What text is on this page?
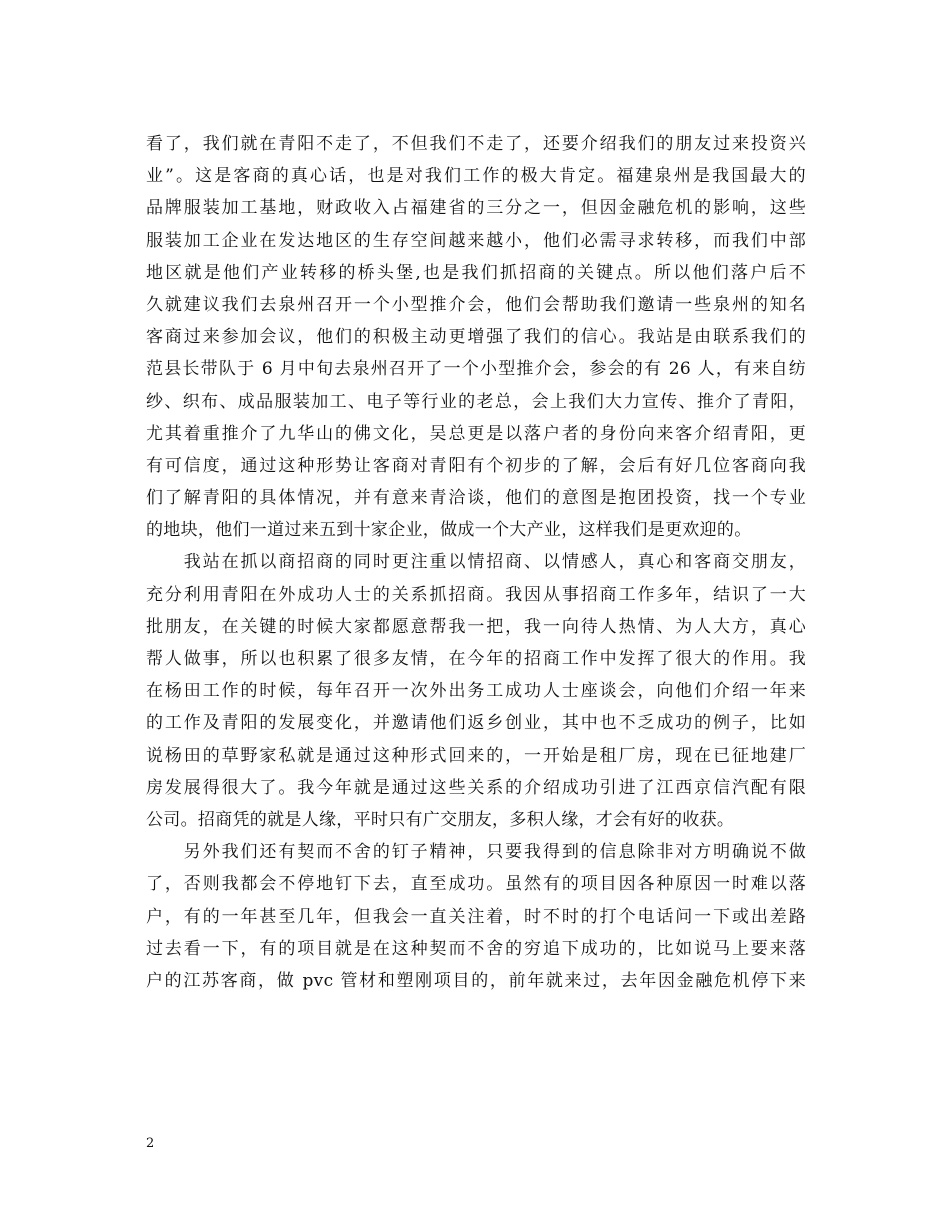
看了，我们就在青阳不走了，不但我们不走了，还要介绍我们的朋友过来投资兴
业”。这是客商的真心话，也是对我们工作的极大肯定。福建泉州是我国最大的
品牌服装加工基地，财政收入占福建省的三分之一，但因金融危机的影响，这些
服装加工企业在发达地区的生存空间越来越小，他们必需寻求转移，而我们中部
地区就是他们产业转移的桥头堡,也是我们抓招商的关键点。所以他们落户后不
久就建议我们去泉州召开一个小型推介会，他们会帮助我们邀请一些泉州的知名
客商过来参加会议，他们的积极主动更增强了我们的信心。我站是由联系我们的
范县长带队于 6 月中旬去泉州召开了一个小型推介会，参会的有 26 人，有来自纺
纱、织布、成品服装加工、电子等行业的老总，会上我们大力宣传、推介了青阳，
尤其着重推介了九华山的佛文化，吴总更是以落户者的身份向来客介绍青阳，更
有可信度，通过这种形势让客商对青阳有个初步的了解，会后有好几位客商向我
们了解青阳的具体情况，并有意来青洽谈，他们的意图是抱团投资，找一个专业
的地块，他们一道过来五到十家企业，做成一个大产业，这样我们是更欢迎的。
　　我站在抓以商招商的同时更注重以情招商、以情感人，真心和客商交朋友，
充分利用青阳在外成功人士的关系抓招商。我因从事招商工作多年，结识了一大
批朋友，在关键的时候大家都愿意帮我一把，我一向待人热情、为人大方，真心
帮人做事，所以也积累了很多友情，在今年的招商工作中发挥了很大的作用。我
在杨田工作的时候，每年召开一次外出务工成功人士座谈会，向他们介绍一年来
的工作及青阳的发展变化，并邀请他们返乡创业，其中也不乏成功的例子，比如
说杨田的草野家私就是通过这种形式回来的，一开始是租厂房，现在已征地建厂
房发展得很大了。我今年就是通过这些关系的介绍成功引进了江西京信汽配有限
公司。招商凭的就是人缘，平时只有广交朋友，多积人缘，才会有好的收获。
　　另外我们还有契而不舍的钉子精神，只要我得到的信息除非对方明确说不做
了，否则我都会不停地钉下去，直至成功。虽然有的项目因各种原因一时难以落
户，有的一年甚至几年，但我会一直关注着，时不时的打个电话问一下或出差路
过去看一下，有的项目就是在这种契而不舍的穷追下成功的，比如说马上要来落
户的江苏客商，做 pvc 管材和塑刚项目的，前年就来过，去年因金融危机停下来
2
